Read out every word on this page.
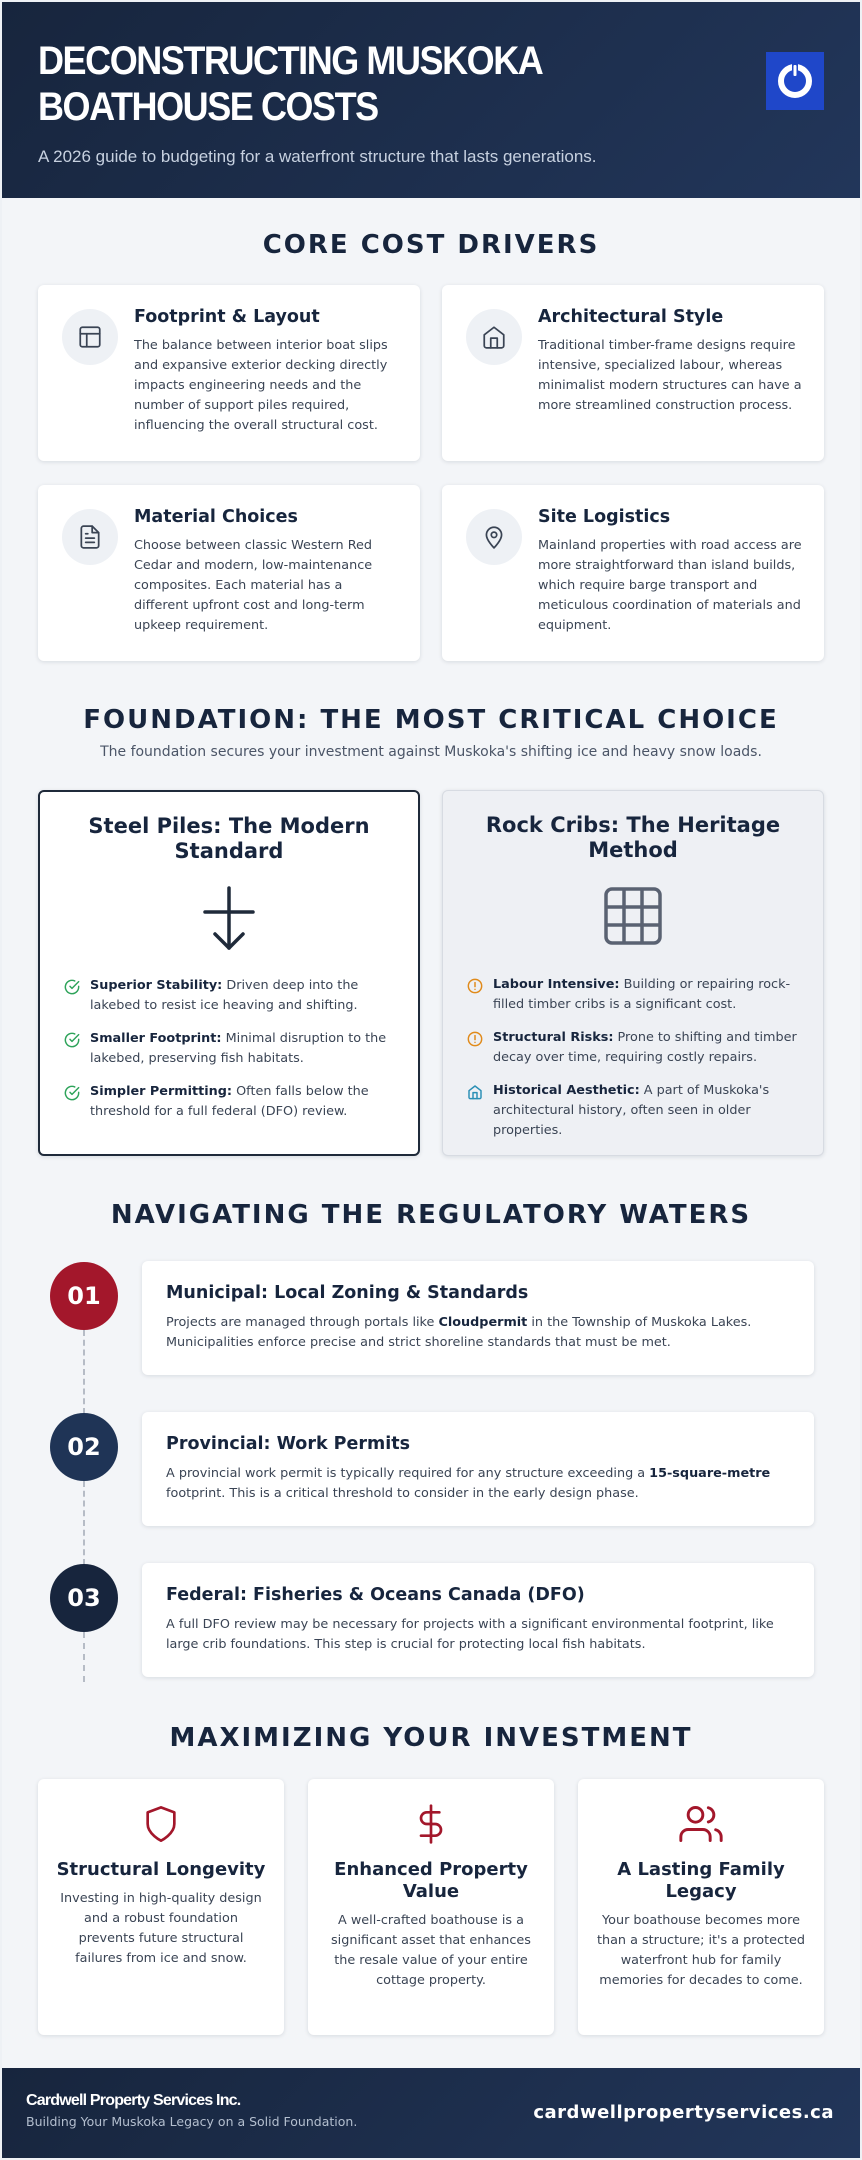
DECONSTRUCTING MUSKOKA BOATHOUSE COSTS
A 2026 guide to budgeting for a waterfront structure that lasts generations.
CORE COST DRIVERS
Footprint & Layout
The balance between interior boat slips and expansive exterior decking directly impacts engineering needs and the number of support piles required, influencing the overall structural cost.
Architectural Style
Traditional timber-frame designs require intensive, specialized labour, whereas minimalist modern structures can have a more streamlined construction process.
Material Choices
Choose between classic Western Red Cedar and modern, low-maintenance composites. Each material has a different upfront cost and long-term upkeep requirement.
Site Logistics
Mainland properties with road access are more straightforward than island builds, which require barge transport and meticulous coordination of materials and equipment.
FOUNDATION: THE MOST CRITICAL CHOICE
The foundation secures your investment against Muskoka's shifting ice and heavy snow loads.
Steel Piles: The Modern Standard
Superior Stability: Driven deep into the lakebed to resist ice heaving and shifting.
Smaller Footprint: Minimal disruption to the lakebed, preserving fish habitats.
Simpler Permitting: Often falls below the threshold for a full federal (DFO) review.
Rock Cribs: The Heritage Method
Labour Intensive: Building or repairing rock-filled timber cribs is a significant cost.
Structural Risks: Prone to shifting and timber decay over time, requiring costly repairs.
Historical Aesthetic: A part of Muskoka's architectural history, often seen in older properties.
NAVIGATING THE REGULATORY WATERS
01	Municipal: Local Zoning & Standards
Projects are managed through portals like Cloudpermit in the Township of Muskoka Lakes. Municipalities enforce precise and strict shoreline standards that must be met.
02	Provincial: Work Permits
A provincial work permit is typically required for any structure exceeding a 15-square-metre footprint. This is a critical threshold to consider in the early design phase.
03	Federal: Fisheries & Oceans Canada (DFO)
A full DFO review may be necessary for projects with a significant environmental footprint, like large crib foundations. This step is crucial for protecting local fish habitats.
MAXIMIZING YOUR INVESTMENT
Structural Longevity
Investing in high-quality design and a robust foundation prevents future structural failures from ice and snow.
Enhanced Property Value
A well-crafted boathouse is a significant asset that enhances the resale value of your entire cottage property.
A Lasting Family Legacy
Your boathouse becomes more than a structure; it's a protected waterfront hub for family memories for decades to come.
Cardwell Property Services Inc.
Building Your Muskoka Legacy on a Solid Foundation.	cardwellpropertyservices.ca
